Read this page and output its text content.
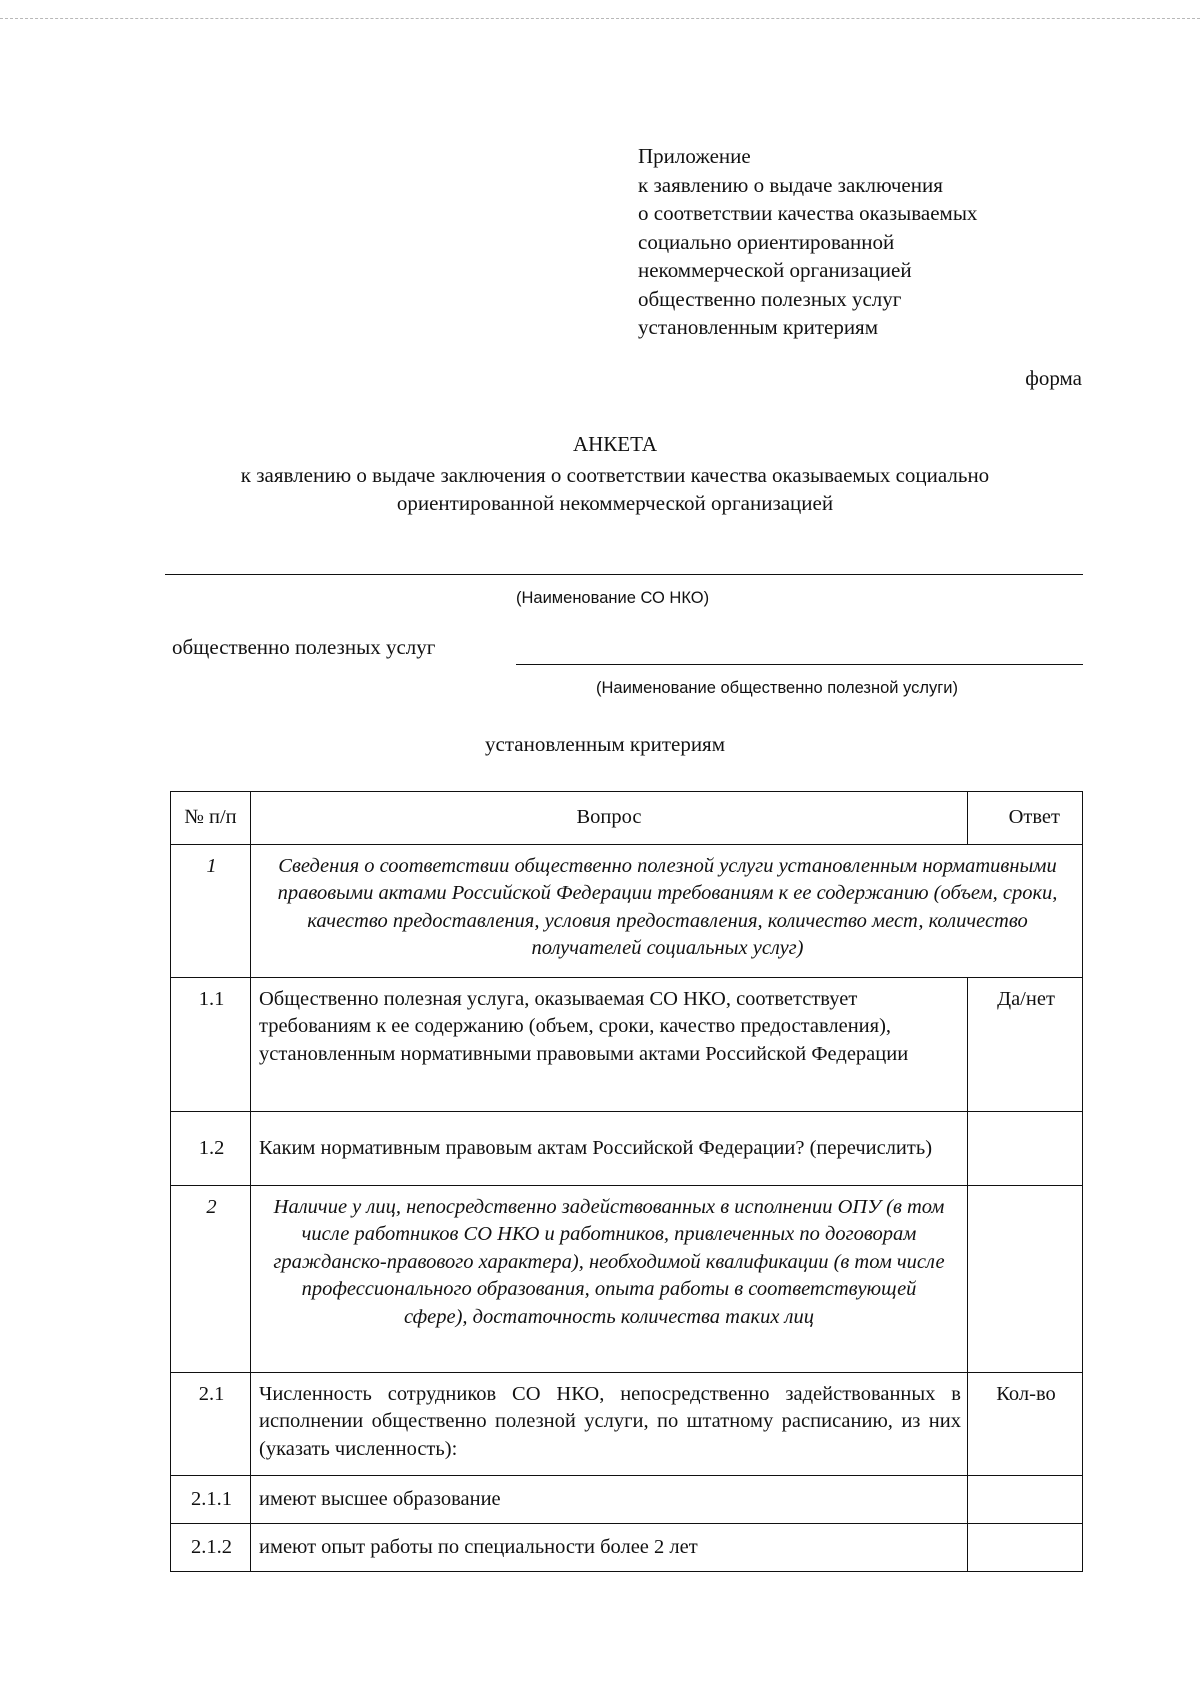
Приложение
к заявлению о выдаче заключения
о соответствии качества оказываемых
социально ориентированной
некоммерческой организацией
общественно полезных услуг
установленным критериям
форма
АНКЕТА
к заявлению о выдаче заключения о соответствии качества оказываемых социально
ориентированной некоммерческой организацией
(Наименование СО НКО)
общественно полезных услуг
(Наименование общественно полезной услуги)
установленным критериям
№ п/п	Вопрос	Ответ
1	Сведения о соответствии общественно полезной услуги установленным нормативными правовыми актами Российской Федерации требованиям к ее содержанию (объем, сроки, качество предоставления, условия предоставления, количество мест, количество получателей социальных услуг)	
1.1	Общественно полезная услуга, оказываемая СО НКО, соответствует требованиям к ее содержанию (объем, сроки, качество предоставления), установленным нормативными правовыми актами Российской Федерации	Да/нет
1.2	Каким нормативным правовым актам Российской Федерации? (перечислить)	
2	Наличие у лиц, непосредственно задействованных в исполнении ОПУ (в том числе работников СО НКО и работников, привлеченных по договорам гражданско-правового характера), необходимой квалификации (в том числе профессионального образования, опыта работы в соответствующей сфере), достаточность количества таких лиц	
2.1	Численность сотрудников СО НКО, непосредственно задействованных в исполнении общественно полезной услуги, по штатному расписанию, из них (указать численность):	Кол-во
2.1.1	имеют высшее образование	
2.1.2	имеют опыт работы по специальности более 2 лет	
